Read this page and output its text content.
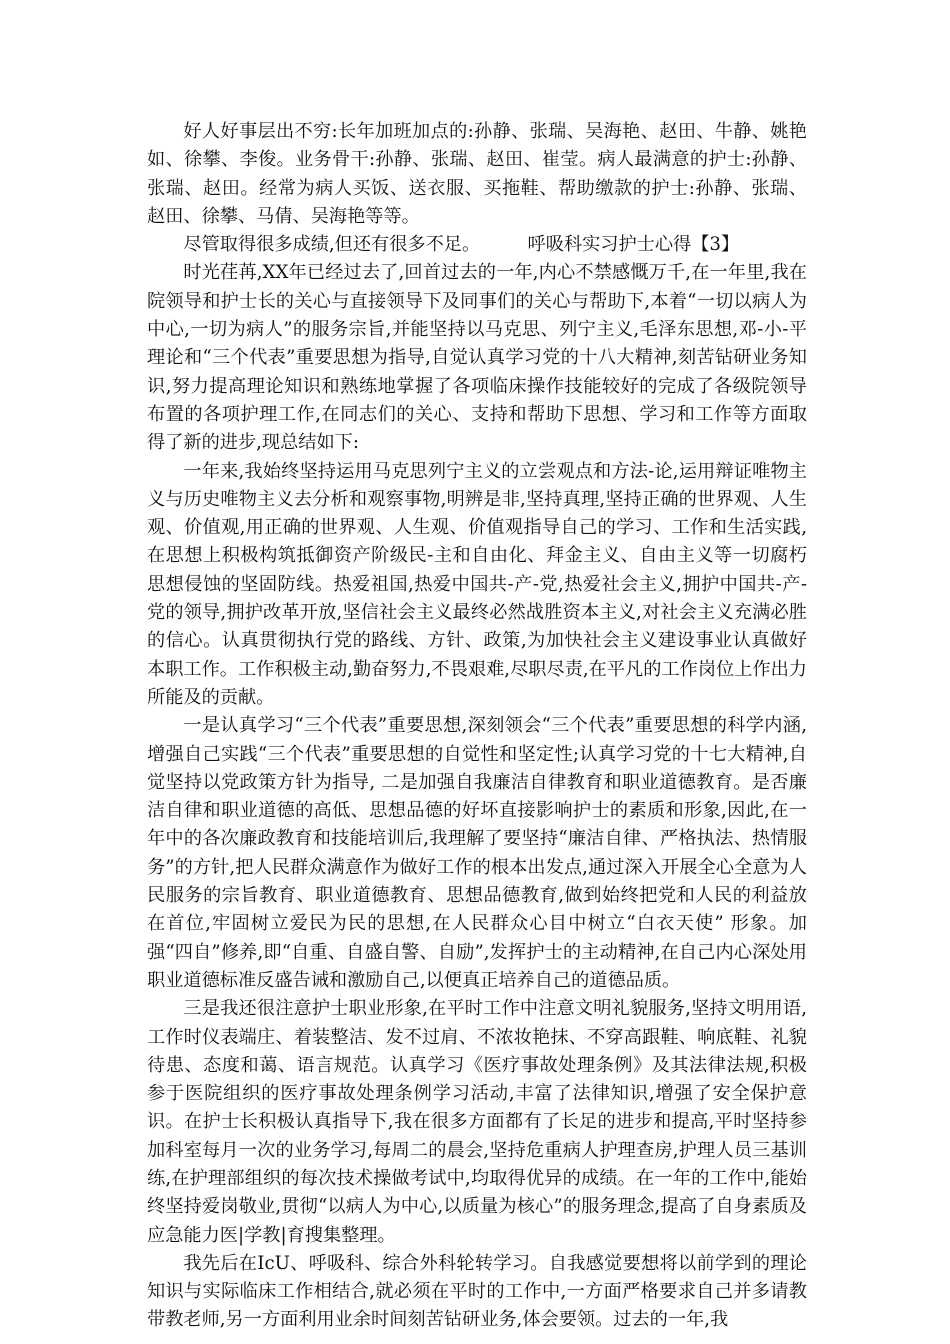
好人好事层出不穷:长年加班加点的:孙静、张瑞、吴海艳、赵田、牛静、姚艳如、徐攀、李俊。业务骨干:孙静、张瑞、赵田、崔莹。病人最满意的护士:孙静、张瑞、赵田。经常为病人买饭、送衣服、买拖鞋、帮助缴款的护士:孙静、张瑞、赵田、徐攀、马倩、吴海艳等等。

尽管取得很多成绩,但还有很多不足。	呼吸科实习护士心得【3】

时光荏苒,XX年已经过去了,回首过去的一年,内心不禁感慨万千,在一年里,我在院领导和护士长的关心与直接领导下及同事们的关心与帮助下,本着“一切以病人为中心,一切为病人”的服务宗旨,并能坚持以马克思、列宁主义,毛泽东思想,邓-小-平理论和“三个代表”重要思想为指导,自觉认真学习党的十八大精神,刻苦钻研业务知识,努力提高理论知识和熟练地掌握了各项临床操作技能较好的完成了各级院领导布置的各项护理工作,在同志们的关心、支持和帮助下思想、学习和工作等方面取得了新的进步,现总结如下:

一年来,我始终坚持运用马克思列宁主义的立尝观点和方法-论,运用辩证唯物主义与历史唯物主义去分析和观察事物,明辨是非,坚持真理,坚持正确的世界观、人生观、价值观,用正确的世界观、人生观、价值观指导自己的学习、工作和生活实践,在思想上积极构筑抵御资产阶级民-主和自由化、拜金主义、自由主义等一切腐朽思想侵蚀的坚固防线。热爱祖国,热爱中国共-产-党,热爱社会主义,拥护中国共-产-党的领导,拥护改革开放,坚信社会主义最终必然战胜资本主义,对社会主义充满必胜的信心。认真贯彻执行党的路线、方针、政策,为加快社会主义建设事业认真做好本职工作。工作积极主动,勤奋努力,不畏艰难,尽职尽责,在平凡的工作岗位上作出力所能及的贡献。

一是认真学习“三个代表”重要思想,深刻领会“三个代表”重要思想的科学内涵,增强自己实践“三个代表”重要思想的自觉性和坚定性;认真学习党的十七大精神,自觉坚持以党政策方针为指导, 二是加强自我廉洁自律教育和职业道德教育。是否廉洁自律和职业道德的高低、思想品德的好坏直接影响护士的素质和形象,因此,在一年中的各次廉政教育和技能培训后,我理解了要坚持“廉洁自律、严格执法、热情服务”的方针,把人民群众满意作为做好工作的根本出发点,通过深入开展全心全意为人民服务的宗旨教育、职业道德教育、思想品德教育,做到始终把党和人民的利益放在首位,牢固树立爱民为民的思想,在人民群众心目中树立“白衣天使” 形象。加强“四自”修养,即“自重、自盛自警、自励”,发挥护士的主动精神,在自己内心深处用职业道德标准反盛告诫和激励自己,以便真正培养自己的道德品质。

三是我还很注意护士职业形象,在平时工作中注意文明礼貌服务,坚持文明用语,工作时仪表端庄、着装整洁、发不过肩、不浓妆艳抹、不穿高跟鞋、响底鞋、礼貌待患、态度和蔼、语言规范。认真学习《医疗事故处理条例》及其法律法规,积极参于医院组织的医疗事故处理条例学习活动,丰富了法律知识,增强了安全保护意识。在护士长积极认真指导下,我在很多方面都有了长足的进步和提高,平时坚持参加科室每月一次的业务学习,每周二的晨会,坚持危重病人护理查房,护理人员三基训练,在护理部组织的每次技术操做考试中,均取得优异的成绩。在一年的工作中,能始终坚持爱岗敬业,贯彻“以病人为中心,以质量为核心”的服务理念,提高了自身素质及应急能力医|学教|育搜集整理。

我先后在IcU、呼吸科、综合外科轮转学习。自我感觉要想将以前学到的理论知识与实际临床工作相结合,就必须在平时的工作中,一方面严格要求自己并多请教带教老师,另一方面利用业余时间刻苦钻研业务,体会要领。过去的一年,我
